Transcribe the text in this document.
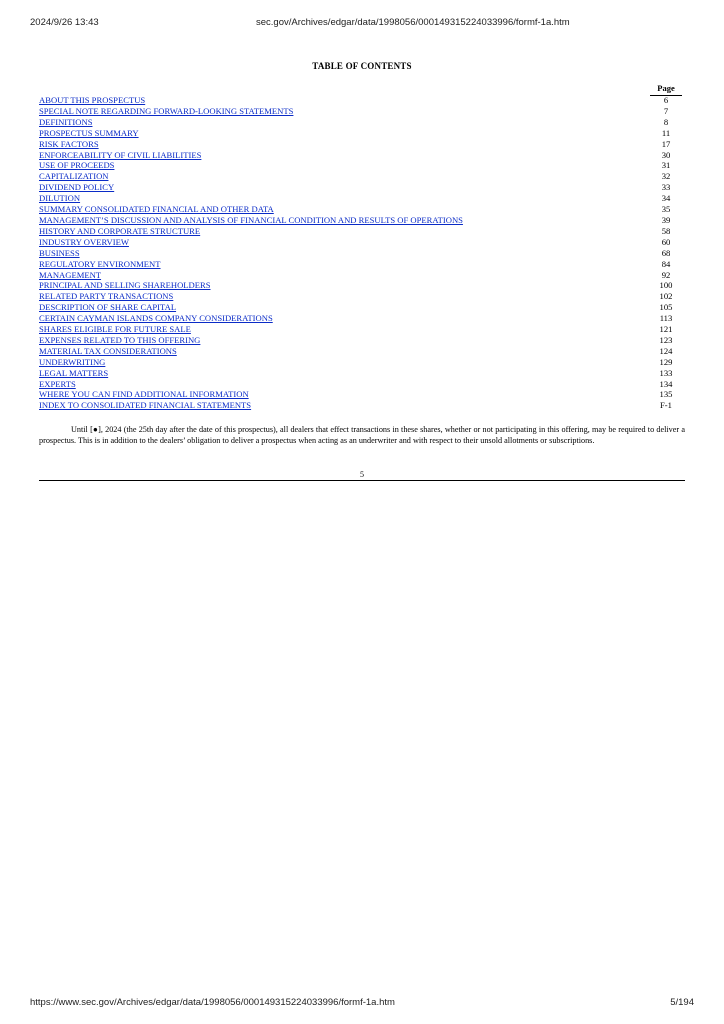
2024/9/26 13:43	sec.gov/Archives/edgar/data/1998056/000149315224033996/formf-1a.htm
TABLE OF CONTENTS
Page
ABOUT THIS PROSPECTUS	6
SPECIAL NOTE REGARDING FORWARD-LOOKING STATEMENTS	7
DEFINITIONS	8
PROSPECTUS SUMMARY	11
RISK FACTORS	17
ENFORCEABILITY OF CIVIL LIABILITIES	30
USE OF PROCEEDS	31
CAPITALIZATION	32
DIVIDEND POLICY	33
DILUTION	34
SUMMARY CONSOLIDATED FINANCIAL AND OTHER DATA	35
MANAGEMENT’S DISCUSSION AND ANALYSIS OF FINANCIAL CONDITION AND RESULTS OF OPERATIONS	39
HISTORY AND CORPORATE STRUCTURE	58
INDUSTRY OVERVIEW	60
BUSINESS	68
REGULATORY ENVIRONMENT	84
MANAGEMENT	92
PRINCIPAL AND SELLING SHAREHOLDERS	100
RELATED PARTY TRANSACTIONS	102
DESCRIPTION OF SHARE CAPITAL	105
CERTAIN CAYMAN ISLANDS COMPANY CONSIDERATIONS	113
SHARES ELIGIBLE FOR FUTURE SALE	121
EXPENSES RELATED TO THIS OFFERING	123
MATERIAL TAX CONSIDERATIONS	124
UNDERWRITING	129
LEGAL MATTERS	133
EXPERTS	134
WHERE YOU CAN FIND ADDITIONAL INFORMATION	135
INDEX TO CONSOLIDATED FINANCIAL STATEMENTS	F-1

Until [●], 2024 (the 25th day after the date of this prospectus), all dealers that effect transactions in these shares, whether or not participating in this offering, may be required to deliver a prospectus. This is in addition to the dealers’ obligation to deliver a prospectus when acting as an underwriter and with respect to their unsold allotments or subscriptions.

5
https://www.sec.gov/Archives/edgar/data/1998056/000149315224033996/formf-1a.htm	5/194
